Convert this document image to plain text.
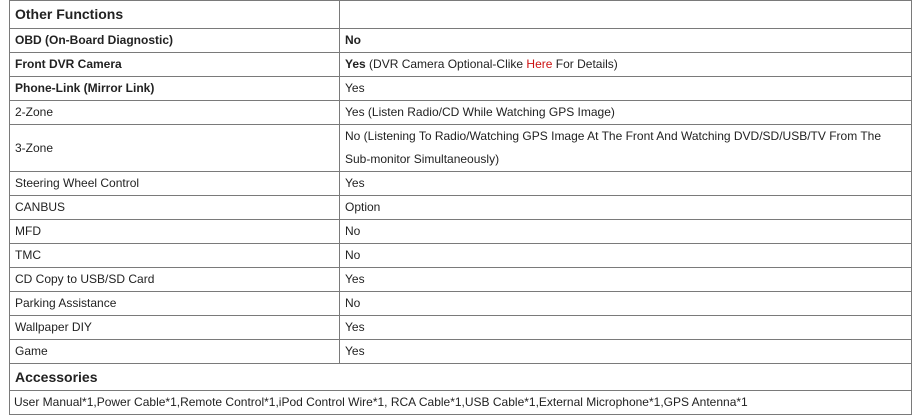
Other Functions	
OBD (On-Board Diagnostic)	No
Front DVR Camera	Yes (DVR Camera Optional-Clike Here For Details)
Phone-Link (Mirror Link)	Yes
2-Zone	Yes (Listen Radio/CD While Watching GPS Image)
3-Zone	No (Listening To Radio/Watching GPS Image At The Front And Watching DVD/SD/USB/TV From The Sub-monitor Simultaneously)
Steering Wheel Control	Yes
CANBUS	Option
MFD	No
TMC	No
CD Copy to USB/SD Card	Yes
Parking Assistance	No
Wallpaper DIY	Yes
Game	Yes
Accessories	
User Manual*1,Power Cable*1,Remote Control*1,iPod Control Wire*1, RCA Cable*1,USB Cable*1,External Microphone*1,GPS Antenna*1	
